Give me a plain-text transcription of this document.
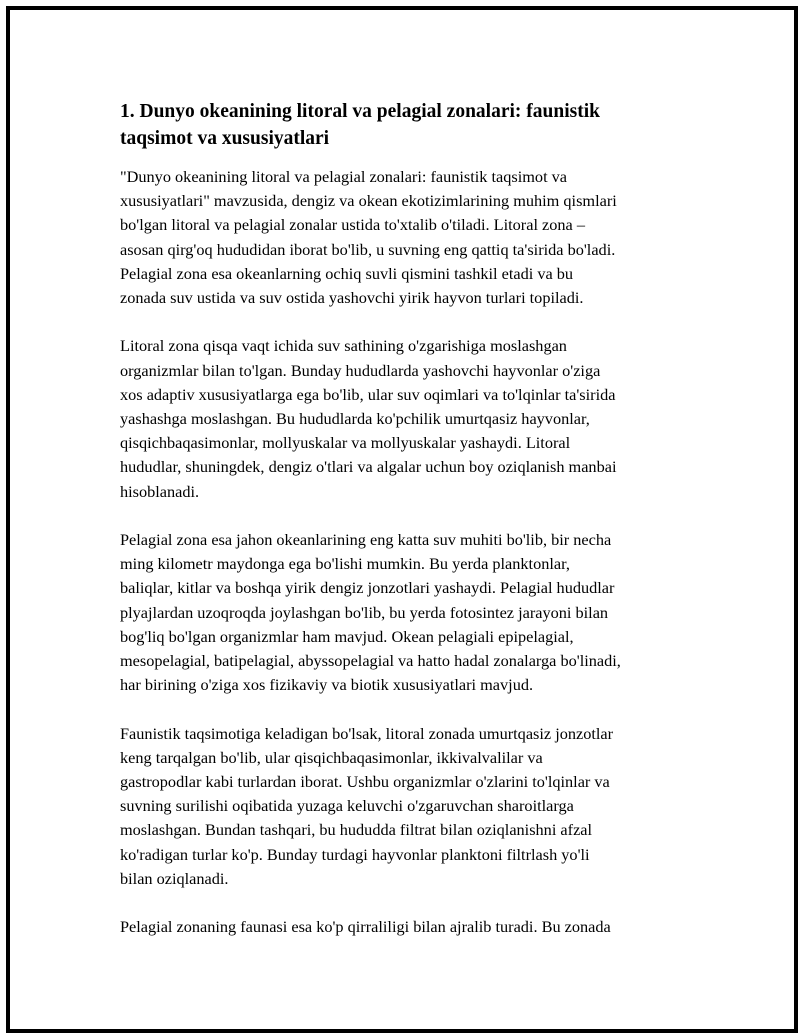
1. Dunyo okeanining litoral va pelagial zonalari: faunistik
taqsimot va xususiyatlari

"Dunyo okeanining litoral va pelagial zonalari: faunistik taqsimot va
xususiyatlari" mavzusida, dengiz va okean ekotizimlarining muhim qismlari
bo'lgan litoral va pelagial zonalar ustida to'xtalib o'tiladi. Litoral zona –
asosan qirg'oq hududidan iborat bo'lib, u suvning eng qattiq ta'sirida bo'ladi.
Pelagial zona esa okeanlarning ochiq suvli qismini tashkil etadi va bu
zonada suv ustida va suv ostida yashovchi yirik hayvon turlari topiladi.

Litoral zona qisqa vaqt ichida suv sathining o'zgarishiga moslashgan
organizmlar bilan to'lgan. Bunday hududlarda yashovchi hayvonlar o'ziga
xos adaptiv xususiyatlarga ega bo'lib, ular suv oqimlari va to'lqinlar ta'sirida
yashashga moslashgan. Bu hududlarda ko'pchilik umurtqasiz hayvonlar,
qisqichbaqasimonlar, mollyuskalar va mollyuskalar yashaydi. Litoral
hududlar, shuningdek, dengiz o'tlari va algalar uchun boy oziqlanish manbai
hisoblanadi.

Pelagial zona esa jahon okeanlarining eng katta suv muhiti bo'lib, bir necha
ming kilometr maydonga ega bo'lishi mumkin. Bu yerda planktonlar,
baliqlar, kitlar va boshqa yirik dengiz jonzotlari yashaydi. Pelagial hududlar
plyajlardan uzoqroqda joylashgan bo'lib, bu yerda fotosintez jarayoni bilan
bog'liq bo'lgan organizmlar ham mavjud. Okean pelagiali epipelagial,
mesopelagial, batipelagial, abyssopelagial va hatto hadal zonalarga bo'linadi,
har birining o'ziga xos fizikaviy va biotik xususiyatlari mavjud.

Faunistik taqsimotiga keladigan bo'lsak, litoral zonada umurtqasiz jonzotlar
keng tarqalgan bo'lib, ular qisqichbaqasimonlar, ikkivalvalilar va
gastropodlar kabi turlardan iborat. Ushbu organizmlar o'zlarini to'lqinlar va
suvning surilishi oqibatida yuzaga keluvchi o'zgaruvchan sharoitlarga
moslashgan. Bundan tashqari, bu hududda filtrat bilan oziqlanishni afzal
ko'radigan turlar ko'p. Bunday turdagi hayvonlar planktoni filtrlash yo'li
bilan oziqlanadi.

Pelagial zonaning faunasi esa ko'p qirraliligi bilan ajralib turadi. Bu zonada
